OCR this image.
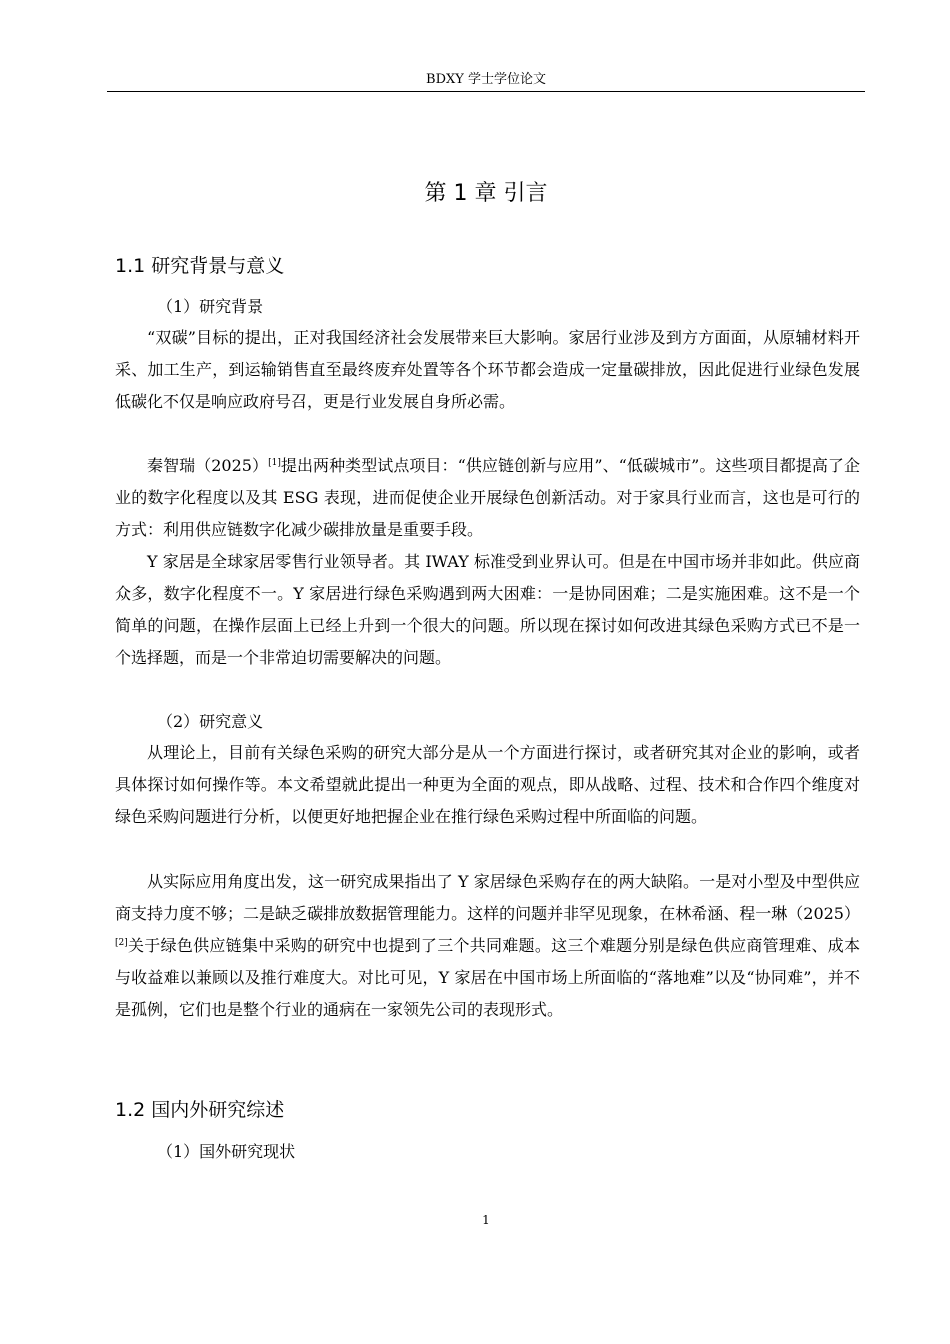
BDXY 学士学位论文
第 1 章 引言
1.1 研究背景与意义
（1）研究背景
“双碳”目标的提出，正对我国经济社会发展带来巨大影响。家居行业涉及到方方面面，从原辅材料开采、加工生产，到运输销售直至最终废弃处置等各个环节都会造成一定量碳排放，因此促进行业绿色发展低碳化不仅是响应政府号召，更是行业发展自身所必需。
秦智瑞（2025）[1]提出两种类型试点项目：“供应链创新与应用”、“低碳城市”。这些项目都提高了企业的数字化程度以及其 ESG 表现，进而促使企业开展绿色创新活动。对于家具行业而言，这也是可行的方式：利用供应链数字化减少碳排放量是重要手段。
Y 家居是全球家居零售行业领导者。其 IWAY 标准受到业界认可。但是在中国市场并非如此。供应商众多，数字化程度不一。Y 家居进行绿色采购遇到两大困难：一是协同困难；二是实施困难。这不是一个简单的问题，在操作层面上已经上升到一个很大的问题。所以现在探讨如何改进其绿色采购方式已不是一个选择题，而是一个非常迫切需要解决的问题。
（2）研究意义
从理论上，目前有关绿色采购的研究大部分是从一个方面进行探讨，或者研究其对企业的影响，或者具体探讨如何操作等。本文希望就此提出一种更为全面的观点，即从战略、过程、技术和合作四个维度对绿色采购问题进行分析，以便更好地把握企业在推行绿色采购过程中所面临的问题。
从实际应用角度出发，这一研究成果指出了 Y 家居绿色采购存在的两大缺陷。一是对小型及中型供应商支持力度不够；二是缺乏碳排放数据管理能力。这样的问题并非罕见现象，在林希涵、程一琳（2025）[2]关于绿色供应链集中采购的研究中也提到了三个共同难题。这三个难题分别是绿色供应商管理难、成本与收益难以兼顾以及推行难度大。对比可见，Y 家居在中国市场上所面临的“落地难”以及“协同难”，并不是孤例，它们也是整个行业的通病在一家领先公司的表现形式。
1.2 国内外研究综述
（1）国外研究现状
1
